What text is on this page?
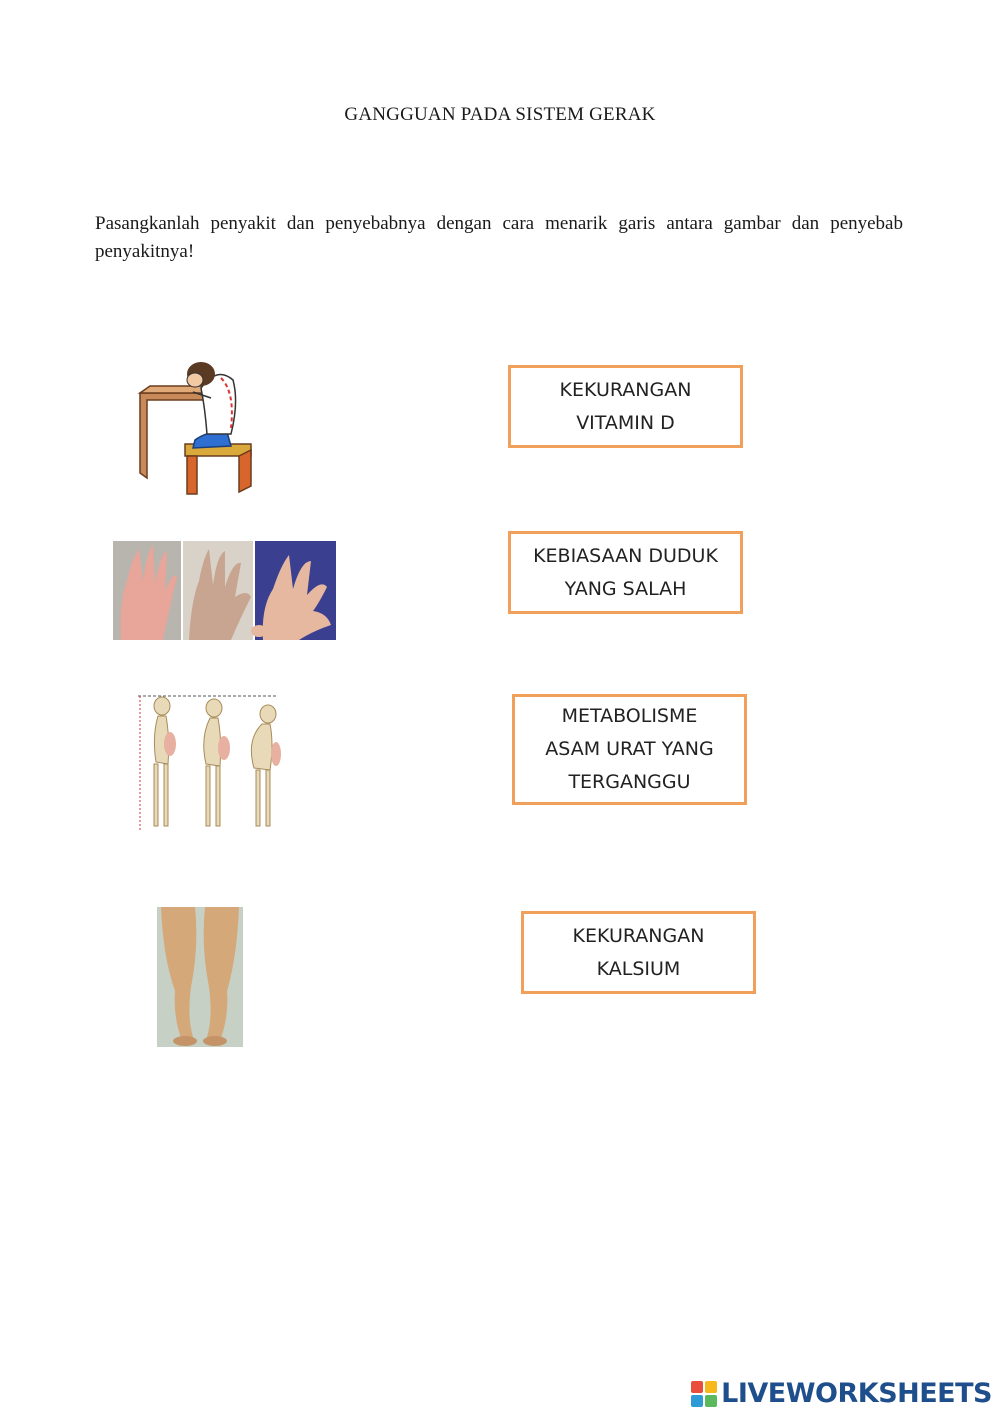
GANGGUAN PADA SISTEM GERAK
Pasangkanlah penyakit dan penyebabnya dengan cara menarik garis antara gambar dan penyebab penyakitnya!
KEKURANGAN
VITAMIN D
KEBIASAAN DUDUK
YANG SALAH
METABOLISME
ASAM URAT YANG
TERGANGGU
KEKURANGAN
KALSIUM
LIVEWORKSHEETS
